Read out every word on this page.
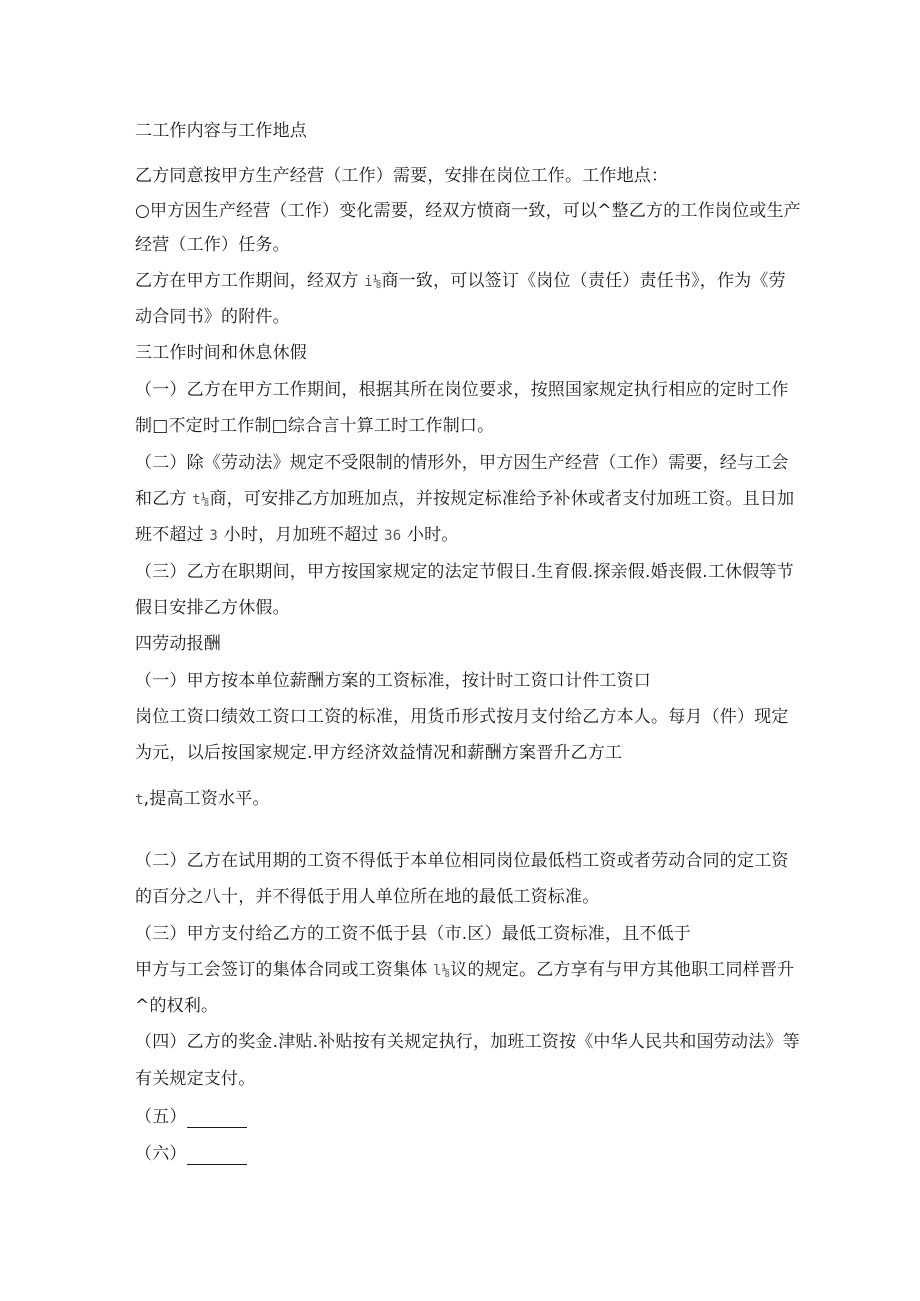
二工作内容与工作地点
乙方同意按甲方生产经营（工作）需要，安排在岗位工作。工作地点：
○甲方因生产经营（工作）变化需要，经双方愤商一致，可以^整乙方的工作岗位或生产
经营（工作）任务。
乙方在甲方工作期间，经双方 i⅛商一致，可以签订《岗位（责任）责任书》，作为《劳
动合同书》的附件。
三工作时间和休息休假
（一）乙方在甲方工作期间，根据其所在岗位要求，按照国家规定执行相应的定时工作
制□不定时工作制□综合言十算工时工作制口。
（二）除《劳动法》规定不受限制的情形外，甲方因生产经营（工作）需要，经与工会
和乙方 t⅛商，可安排乙方加班加点，并按规定标准给予补休或者支付加班工资。且日加
班不超过 3 小时，月加班不超过 36 小时。
（三）乙方在职期间，甲方按国家规定的法定节假日.生育假.探亲假.婚丧假.工休假等节
假日安排乙方休假。
四劳动报酬
（一）甲方按本单位薪酬方案的工资标准，按计时工资口计件工资口
岗位工资口绩效工资口工资的标准，用货币形式按月支付给乙方本人。每月（件）现定
为元，以后按国家规定.甲方经济效益情况和薪酬方案晋升乙方工
t,提高工资水平。
（二）乙方在试用期的工资不得低于本单位相同岗位最低档工资或者劳动合同的定工资
的百分之八十，并不得低于用人单位所在地的最低工资标准。
（三）甲方支付给乙方的工资不低于县（市.区）最低工资标准，且不低于
甲方与工会签订的集体合同或工资集体 l⅛议的规定。乙方享有与甲方其他职工同样晋升
^的权利。
（四）乙方的奖金.津贴.补贴按有关规定执行，加班工资按《中华人民共和国劳动法》等
有关规定支付。
（五）
（六）
